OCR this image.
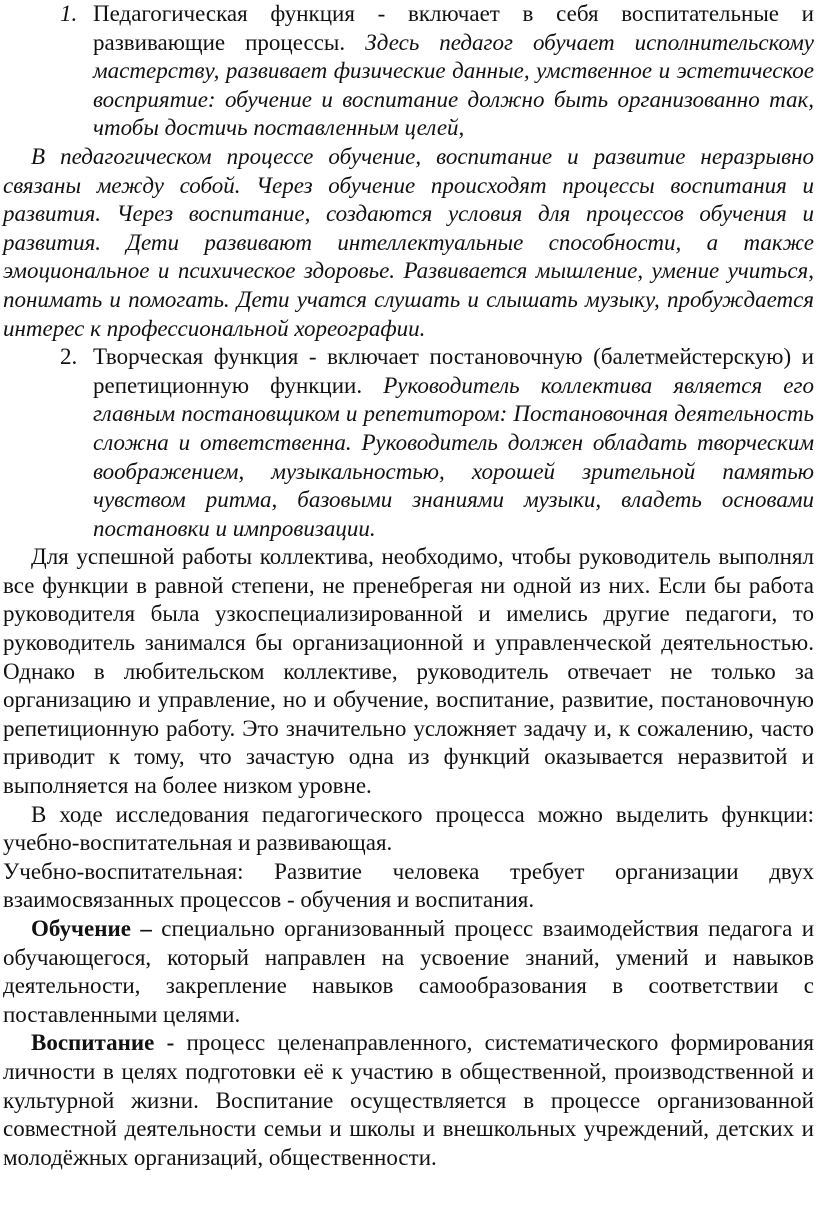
1. Педагогическая функция - включает в себя воспитательные и развивающие процессы. Здесь педагог обучает исполнительскому мастерству, развивает физические данные, умственное и эстетическое восприятие: обучение и воспитание должно быть организованно так, чтобы достичь поставленным целей,

В педагогическом процессе обучение, воспитание и развитие неразрывно связаны между собой. Через обучение происходят процессы воспитания и развития. Через воспитание, создаются условия для процессов обучения и развития. Дети развивают интеллектуальные способности, а также эмоциональное и психическое здоровье. Развивается мышление, умение учиться, понимать и помогать. Дети учатся слушать и слышать музыку, пробуждается интерес к профессиональной хореографии.

2. Творческая функция - включает постановочную (балетмейстерскую) и репетиционную функции. Руководитель коллектива является его главным постановщиком и репетитором: Постановочная деятельность сложна и ответственна. Руководитель должен обладать творческим воображением, музыкальностью, хорошей зрительной памятью чувством ритма, базовыми знаниями музыки, владеть основами постановки и импровизации.

Для успешной работы коллектива, необходимо, чтобы руководитель выполнял все функции в равной степени, не пренебрегая ни одной из них. Если бы работа руководителя была узкоспециализированной и имелись другие педагоги, то руководитель занимался бы организационной и управленческой деятельностью. Однако в любительском коллективе, руководитель отвечает не только за организацию и управление, но и обучение, воспитание, развитие, постановочную репетиционную работу. Это значительно усложняет задачу и, к сожалению, часто приводит к тому, что зачастую одна из функций оказывается неразвитой и выполняется на более низком уровне.

В ходе исследования педагогического процесса можно выделить функции: учебно-воспитательная и развивающая.

Учебно-воспитательная: Развитие человека требует организации двух взаимосвязанных процессов - обучения и воспитания.

Обучение – специально организованный процесс взаимодействия педагога и обучающегося, который направлен на усвоение знаний, умений и навыков деятельности, закрепление навыков самообразования в соответствии с поставленными целями.

Воспитание - процесс целенаправленного, систематического формирования личности в целях подготовки её к участию в общественной, производственной и культурной жизни. Воспитание осуществляется в процессе организованной совместной деятельности семьи и школы и внешкольных учреждений, детских и молодёжных организаций, общественности.
